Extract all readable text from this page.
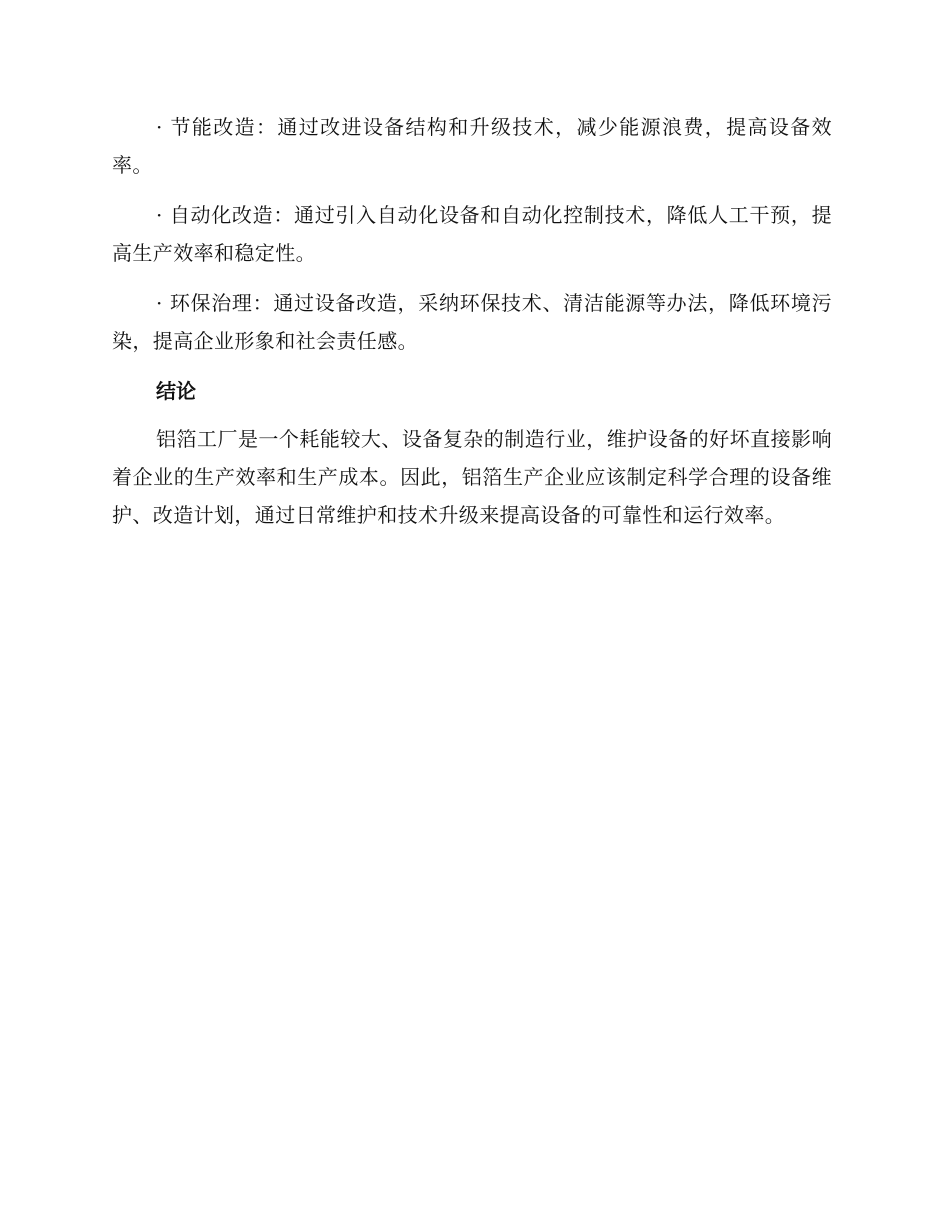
· 节能改造：通过改进设备结构和升级技术，减少能源浪费，提高设备效率。

· 自动化改造：通过引入自动化设备和自动化控制技术，降低人工干预，提高生产效率和稳定性。

· 环保治理：通过设备改造，采纳环保技术、清洁能源等办法，降低环境污染，提高企业形象和社会责任感。

结论

铝箔工厂是一个耗能较大、设备复杂的制造行业，维护设备的好坏直接影响着企业的生产效率和生产成本。因此，铝箔生产企业应该制定科学合理的设备维护、改造计划，通过日常维护和技术升级来提高设备的可靠性和运行效率。
